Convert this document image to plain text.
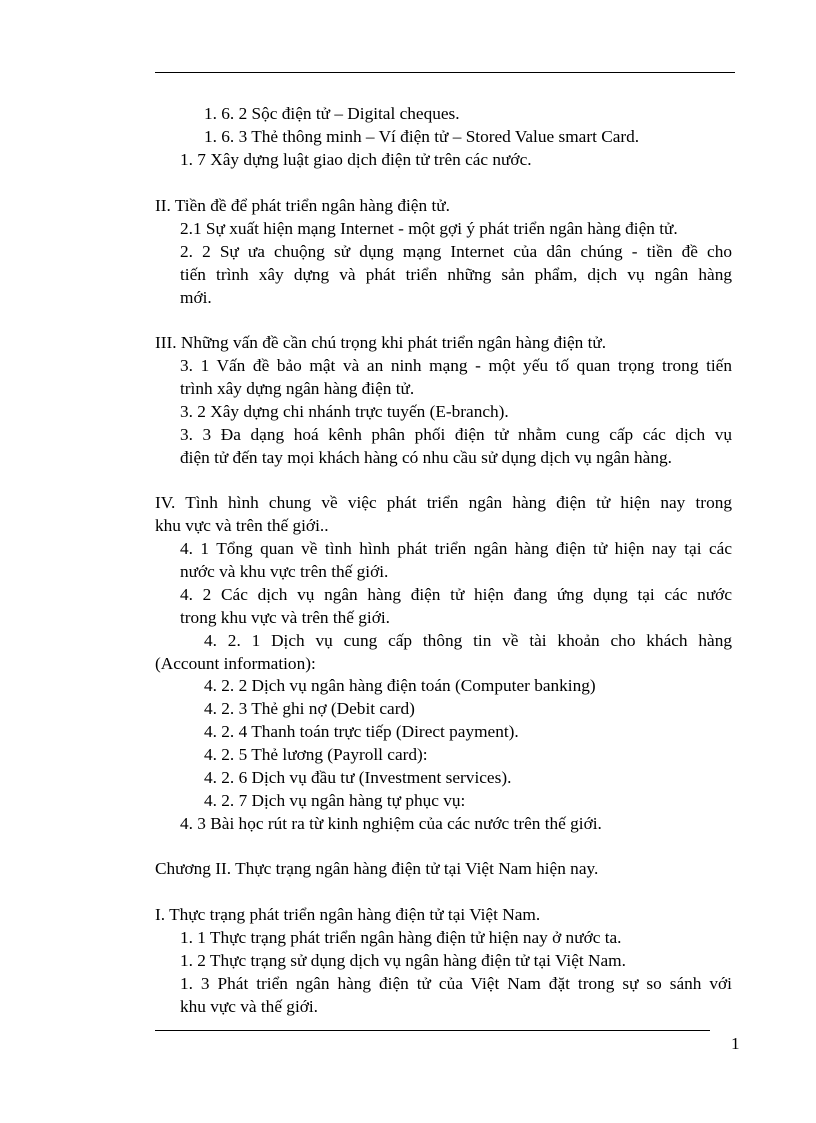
1. 6. 2 Sộc điện tử – Digital cheques.
1. 6. 3 Thẻ thông minh – Ví điện tử – Stored Value smart Card.
1. 7 Xây dựng luật giao dịch điện tử trên các nước.
II. Tiền đề để phát triển ngân hàng điện tử.
2.1 Sự xuất hiện mạng Internet - một gợi ý phát triển ngân hàng điện tử.
2. 2 Sự ưa chuộng sử dụng mạng Internet của dân chúng - tiền đề cho
tiến trình xây dựng và phát triển những sản phẩm, dịch vụ ngân hàng
mới.
III. Những vấn đề cần chú trọng khi phát triển ngân hàng điện tử.
3. 1 Vấn đề bảo mật và an ninh mạng - một yếu tố quan trọng trong tiến
trình xây dựng ngân hàng điện tử.
3. 2 Xây dựng chi nhánh trực tuyến (E-branch).
3. 3 Đa dạng hoá kênh phân phối điện tử nhằm cung cấp các dịch vụ
điện tử đến tay mọi khách hàng có nhu cầu sử dụng dịch vụ ngân hàng.
IV. Tình hình chung về việc phát triển ngân hàng điện tử hiện nay trong
khu vực và trên thế giới..
4. 1 Tổng quan về tình hình phát triển ngân hàng điện tử hiện nay tại các
nước và khu vực trên thế giới.
4. 2 Các dịch vụ ngân hàng điện tử hiện đang ứng dụng tại các nước
trong khu vực và trên thế giới.
4. 2. 1 Dịch vụ cung cấp thông tin về tài khoản cho khách hàng
(Account information):
4. 2. 2 Dịch vụ ngân hàng điện toán (Computer banking)
4. 2. 3 Thẻ ghi nợ (Debit card)
4. 2. 4 Thanh toán trực tiếp (Direct payment).
4. 2. 5 Thẻ lương (Payroll card):
4. 2. 6 Dịch vụ đầu tư (Investment services).
4. 2. 7 Dịch vụ ngân hàng tự phục vụ:
4. 3 Bài học rút ra từ kinh nghiệm của các nước trên thế giới.
Chương II. Thực trạng ngân hàng điện tử tại Việt Nam hiện nay.
I. Thực trạng phát triển ngân hàng điện tử tại Việt Nam.
1. 1 Thực trạng phát triển ngân hàng điện tử hiện nay ở nước ta.
1. 2 Thực trạng sử dụng dịch vụ ngân hàng điện tử tại Việt Nam.
1. 3 Phát triển ngân hàng điện tử của Việt Nam đặt trong sự so sánh với
khu vực và thế giới.
1
